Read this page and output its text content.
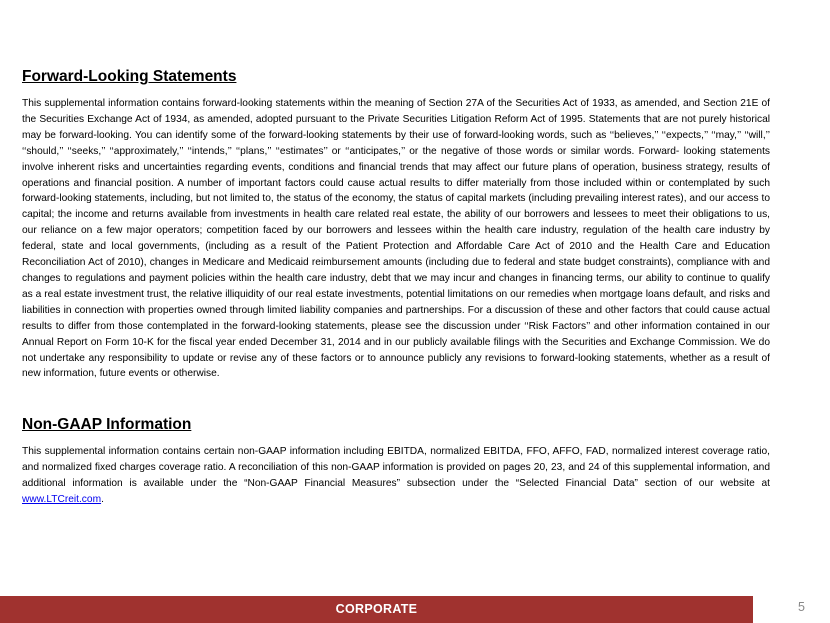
Forward-Looking Statements

This supplemental information contains forward-looking statements within the meaning of Section 27A of the Securities Act of 1933, as amended, and Section 21E of the Securities Exchange Act of 1934, as amended, adopted pursuant to the Private Securities Litigation Reform Act of 1995. Statements that are not purely historical may be forward-looking. You can identify some of the forward-looking statements by their use of forward-looking words, such as ‘‘believes,’’ ‘‘expects,’’ ‘‘may,’’ ‘‘will,’’ ‘‘should,’’ ‘‘seeks,’’ ‘‘approximately,’’ ‘‘intends,’’ ‘‘plans,’’ ‘‘estimates’’ or ‘‘anticipates,’’ or the negative of those words or similar words. Forward- looking statements involve inherent risks and uncertainties regarding events, conditions and financial trends that may affect our future plans of operation, business strategy, results of operations and financial position. A number of important factors could cause actual results to differ materially from those included within or contemplated by such forward-looking statements, including, but not limited to, the status of the economy, the status of capital markets (including prevailing interest rates), and our access to capital; the income and returns available from investments in health care related real estate, the ability of our borrowers and lessees to meet their obligations to us, our reliance on a few major operators; competition faced by our borrowers and lessees within the health care industry, regulation of the health care industry by federal, state and local governments, (including as a result of the Patient Protection and Affordable Care Act of 2010 and the Health Care and Education Reconciliation Act of 2010), changes in Medicare and Medicaid reimbursement amounts (including due to federal and state budget constraints), compliance with and changes to regulations and payment policies within the health care industry, debt that we may incur and changes in financing terms, our ability to continue to qualify as a real estate investment trust, the relative illiquidity of our real estate investments, potential limitations on our remedies when mortgage loans default, and risks and liabilities in connection with properties owned through limited liability companies and partnerships. For a discussion of these and other factors that could cause actual results to differ from those contemplated in the forward-looking statements, please see the discussion under ‘‘Risk Factors’’ and other information contained in our Annual Report on Form 10-K for the fiscal year ended December 31, 2014 and in our publicly available filings with the Securities and Exchange Commission. We do not undertake any responsibility to update or revise any of these factors or to announce publicly any revisions to forward-looking statements, whether as a result of new information, future events or otherwise.

Non-GAAP Information

This supplemental information contains certain non-GAAP information including EBITDA, normalized EBITDA, FFO, AFFO, FAD, normalized interest coverage ratio, and normalized fixed charges coverage ratio. A reconciliation of this non-GAAP information is provided on pages 20, 23, and 24 of this supplemental information, and additional information is available under the “Non-GAAP Financial Measures” subsection under the “Selected Financial Data” section of our website at www.LTCreit.com.

CORPORATE	5
